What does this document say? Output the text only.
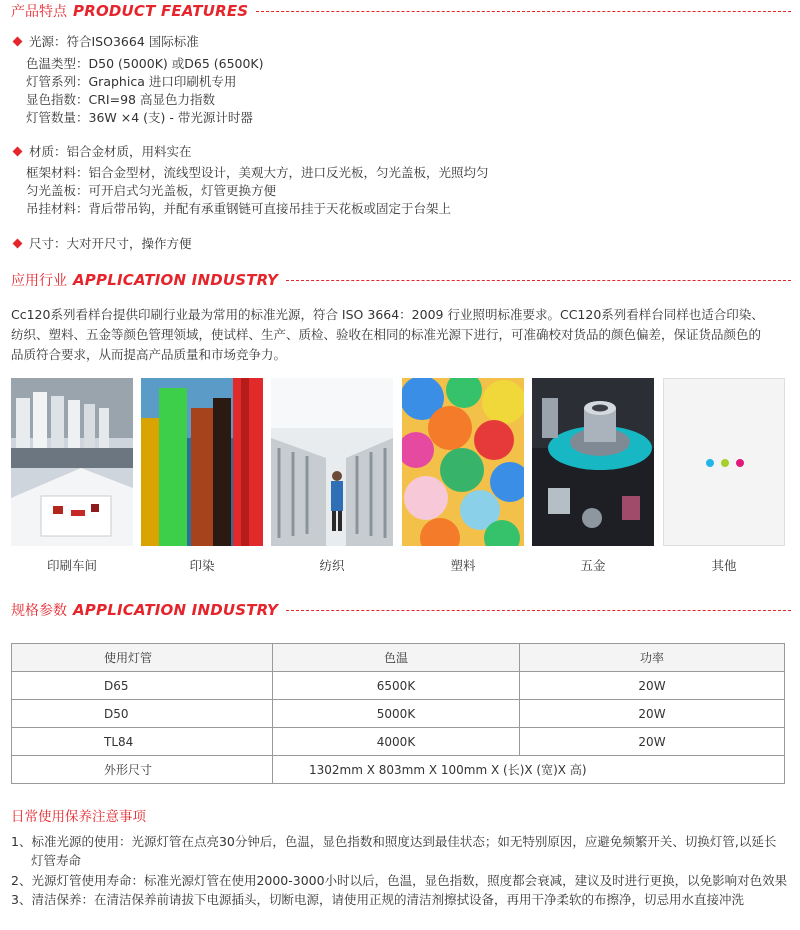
产品特点 PRODUCT FEATURES
光源：符合ISO3664 国际标准
色温类型：D50 (5000K) 或D65 (6500K)
灯管系列：Graphica 进口印刷机专用
显色指数：CRI=98 高显色力指数
灯管数量：36W ×4 (支) - 带光源计时器
材质：铝合金材质，用料实在
框架材料：铝合金型材，流线型设计，美观大方，进口反光板，匀光盖板，光照均匀
匀光盖板：可开启式匀光盖板，灯管更换方便
吊挂材料：背后带吊钩，并配有承重钢链可直接吊挂于天花板或固定于台架上
尺寸：大对开尺寸，操作方便
应用行业 APPLICATION INDUSTRY
Cc120系列看样台提供印刷行业最为常用的标准光源，符合 ISO 3664：2009 行业照明标准要求。CC120系列看样台同样也适合印染、
纺织、塑料、五金等颜色管理领域，使试样、生产、质检、验收在相同的标准光源下进行，可准确校对货品的颜色偏差，保证货品颜色的
品质符合要求，从而提高产品质量和市场竞争力。
印刷车间	印染	纺织	塑料	五金	其他
规格参数 APPLICATION INDUSTRY
使用灯管	色温	功率
D65	6500K	20W
D50	5000K	20W
TL84	4000K	20W
外形尺寸	1302mm X 803mm X 100mm X (长)X (宽)X 高)	
日常使用保养注意事项
1、标准光源的使用：光源灯管在点亮30分钟后，色温，显色指数和照度达到最佳状态；如无特别原因，应避免频繁开关、切换灯管,以延长
灯管寿命
2、光源灯管使用寿命：标准光源灯管在使用2000-3000小时以后，色温，显色指数，照度都会衰减，建议及时进行更换，以免影响对色效果
3、清洁保养：在清洁保养前请拔下电源插头，切断电源，请使用正规的清洁剂擦拭设备，再用干净柔软的布擦净，切忌用水直接冲洗
